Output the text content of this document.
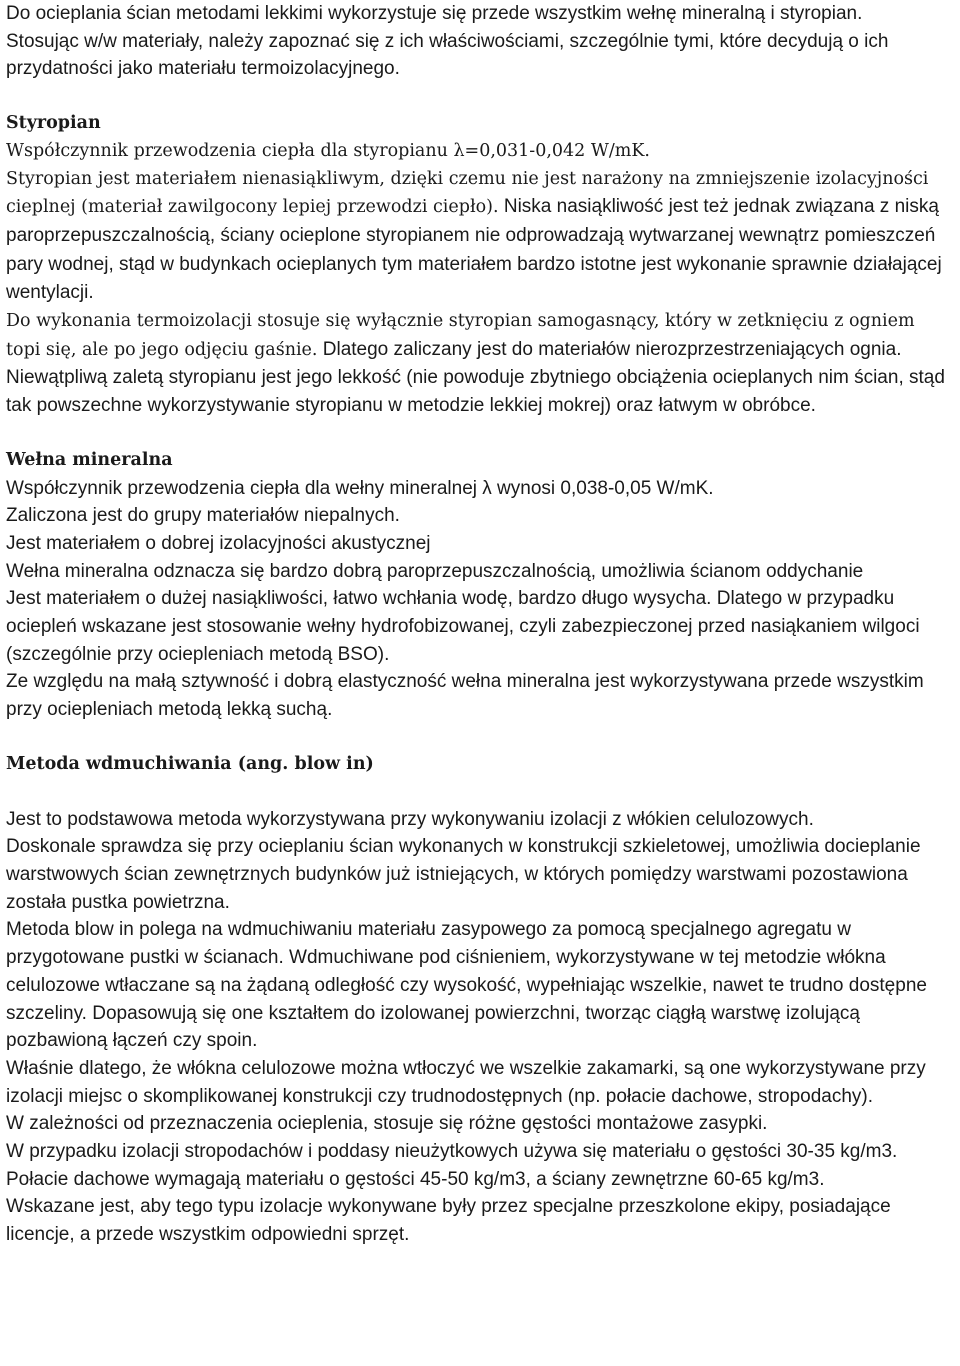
Do ocieplania ścian metodami lekkimi wykorzystuje się przede wszystkim wełnę mineralną i styropian.

Stosując w/w materiały, należy zapoznać się z ich właściwościami, szczególnie tymi, które decydują o ich przydatności jako materiału termoizolacyjnego.

Styropian

Współczynnik przewodzenia ciepła dla styropianu λ=0,031-0,042 W/mK.

Styropian jest materiałem nienasiąkliwym, dzięki czemu nie jest narażony na zmniejszenie izolacyjności cieplnej (materiał zawilgocony lepiej przewodzi ciepło). Niska nasiąkliwość jest też jednak związana z niską paroprzepuszczalnością, ściany ocieplone styropianem nie odprowadzają wytwarzanej wewnątrz pomieszczeń pary wodnej, stąd w budynkach ocieplanych tym materiałem bardzo istotne jest wykonanie sprawnie działającej wentylacji.

Do wykonania termoizolacji stosuje się wyłącznie styropian samogasnący, który w zetknięciu z ogniem topi się, ale po jego odjęciu gaśnie. Dlatego zaliczany jest do materiałów nierozprzestrzeniających ognia.

Niewątpliwą zaletą styropianu jest jego lekkość (nie powoduje zbytniego obciążenia ocieplanych nim ścian, stąd tak powszechne wykorzystywanie styropianu w metodzie lekkiej mokrej) oraz łatwym w obróbce.

Wełna mineralna

Współczynnik przewodzenia ciepła dla wełny mineralnej λ wynosi 0,038-0,05 W/mK.

Zaliczona jest do grupy materiałów niepalnych.

Jest materiałem o dobrej izolacyjności akustycznej

Wełna mineralna odznacza się bardzo dobrą paroprzepuszczalnością, umożliwia ścianom oddychanie

Jest materiałem o dużej nasiąkliwości, łatwo wchłania wodę, bardzo długo wysycha. Dlatego w przypadku ociepleń wskazane jest stosowanie wełny hydrofobizowanej, czyli zabezpieczonej przed nasiąkaniem wilgoci (szczególnie przy ociepleniach metodą BSO).

Ze względu na małą sztywność i dobrą elastyczność wełna mineralna jest wykorzystywana przede wszystkim przy ociepleniach metodą lekką suchą.

Metoda wdmuchiwania (ang. blow in)

Jest to podstawowa metoda wykorzystywana przy wykonywaniu izolacji z włókien celulozowych.

Doskonale sprawdza się przy ocieplaniu ścian wykonanych w konstrukcji szkieletowej, umożliwia docieplanie warstwowych ścian zewnętrznych budynków już istniejących, w których pomiędzy warstwami pozostawiona została pustka powietrzna.

Metoda blow in polega na wdmuchiwaniu materiału zasypowego za pomocą specjalnego agregatu w przygotowane pustki w ścianach. Wdmuchiwane pod ciśnieniem, wykorzystywane w tej metodzie włókna celulozowe wtłaczane są na żądaną odległość czy wysokość, wypełniając wszelkie, nawet te trudno dostępne szczeliny. Dopasowują się one kształtem do izolowanej powierzchni, tworząc ciągłą warstwę izolującą pozbawioną łączeń czy spoin.

Właśnie dlatego, że włókna celulozowe można wtłoczyć we wszelkie zakamarki, są one wykorzystywane przy izolacji miejsc o skomplikowanej konstrukcji czy trudnodostępnych (np. połacie dachowe, stropodachy).

W zależności od przeznaczenia ocieplenia, stosuje się różne gęstości montażowe zasypki.

W przypadku izolacji stropodachów i poddasy nieużytkowych używa się materiału o gęstości 30-35 kg/m3.

Połacie dachowe wymagają materiału o gęstości 45-50 kg/m3, a ściany zewnętrzne 60-65 kg/m3.

Wskazane jest, aby tego typu izolacje wykonywane były przez specjalne przeszkolone ekipy, posiadające licencje, a przede wszystkim odpowiedni sprzęt.
